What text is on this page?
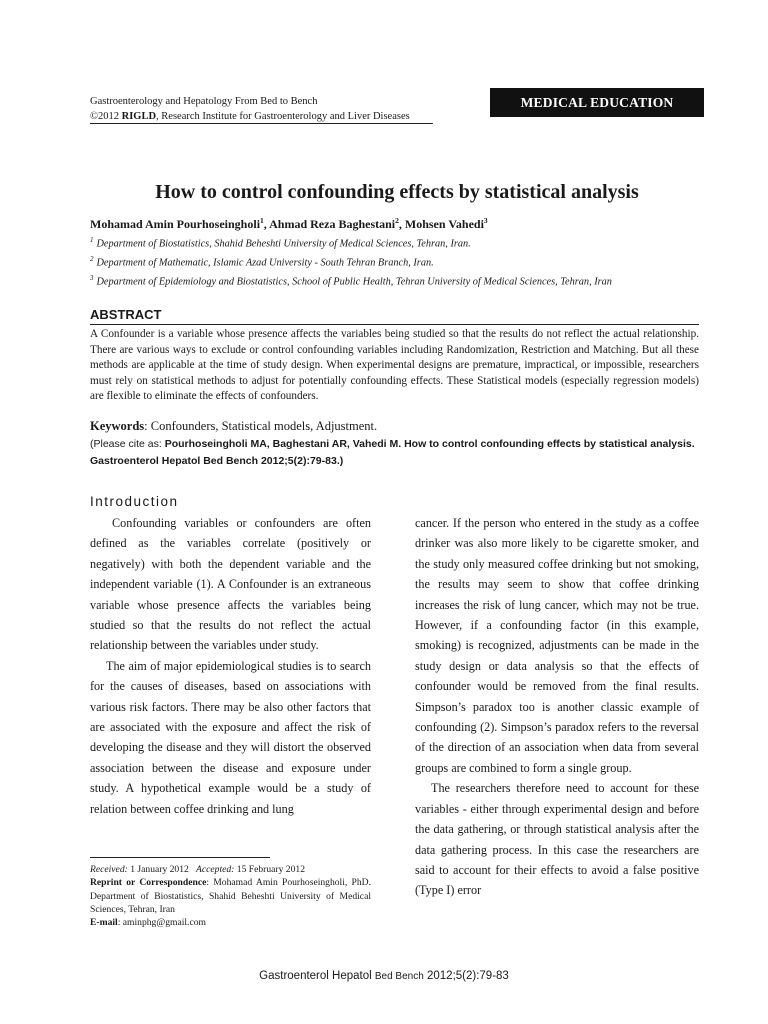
Gastroenterology and Hepatology From Bed to Bench
©2012 RIGLD, Research Institute for Gastroenterology and Liver Diseases
MEDICAL EDUCATION
How to control confounding effects by statistical analysis
Mohamad Amin Pourhoseingholi$^1$, Ahmad Reza Baghestani$^2$, Mohsen Vahedi$^3$
$^1$ Department of Biostatistics, Shahid Beheshti University of Medical Sciences, Tehran, Iran.
$^2$ Department of Mathematic, Islamic Azad University - South Tehran Branch, Iran.
$^3$ Department of Epidemiology and Biostatistics, School of Public Health, Tehran University of Medical Sciences, Tehran, Iran
ABSTRACT
A Confounder is a variable whose presence affects the variables being studied so that the results do not reflect the actual relationship. There are various ways to exclude or control confounding variables including Randomization, Restriction and Matching. But all these methods are applicable at the time of study design. When experimental designs are premature, impractical, or impossible, researchers must rely on statistical methods to adjust for potentially confounding effects. These Statistical models (especially regression models) are flexible to eliminate the effects of confounders.
Keywords: Confounders, Statistical models, Adjustment.
(Please cite as: Pourhoseingholi MA, Baghestani AR, Vahedi M. How to control confounding effects by statistical analysis. Gastroenterol Hepatol Bed Bench 2012;5(2):79-83.)
Introduction

Confounding variables or confounders are often defined as the variables correlate (positively or negatively) with both the dependent variable and the independent variable (1). A Confounder is an extraneous variable whose presence affects the variables being studied so that the results do not reflect the actual relationship between the variables under study.

The aim of major epidemiological studies is to search for the causes of diseases, based on associations with various risk factors. There may be also other factors that are associated with the exposure and affect the risk of developing the disease and they will distort the observed association between the disease and exposure under study. A hypothetical example would be a study of relation between coffee drinking and lung

cancer. If the person who entered in the study as a coffee drinker was also more likely to be cigarette smoker, and the study only measured coffee drinking but not smoking, the results may seem to show that coffee drinking increases the risk of lung cancer, which may not be true. However, if a confounding factor (in this example, smoking) is recognized, adjustments can be made in the study design or data analysis so that the effects of confounder would be removed from the final results. Simpson’s paradox too is another classic example of confounding (2). Simpson’s paradox refers to the reversal of the direction of an association when data from several groups are combined to form a single group.

The researchers therefore need to account for these variables - either through experimental design and before the data gathering, or through statistical analysis after the data gathering process. In this case the researchers are said to account for their effects to avoid a false positive (Type I) error

Received: 1 January 2012 Accepted: 15 February 2012
Reprint or Correspondence: Mohamad Amin Pourhoseingholi, PhD. Department of Biostatistics, Shahid Beheshti University of Medical Sciences, Tehran, Iran
E-mail: aminphg@gmail.com
Gastroenterol Hepatol Bed Bench 2012;5(2):79-83
